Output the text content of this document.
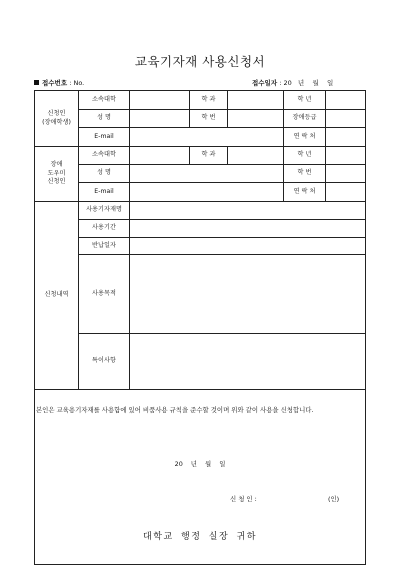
교육기자재 사용신청서
접수번호 : No.	접수일자 : 20   년    월    일
신청인
(장애학생)	소속대학		학 과		학 년	
	성 명		학 번		장애등급	
	E-mail				연 락 처	
장애
도우미
신청인	소속대학		학 과		학 년	
	성 명				학 번	
	E-mail				연 락 처	
신청내역	사용기자재명					
	사용기간					
	반납일자					
	사용목적					
	특이사항					

본인은 교육용기자재를 사용함에 있어 비품사용 규칙을 준수할 것이며 위와 같이 사용을 신청합니다.
20 년 월 일
신 청 인 :	(인)
대학교 행정 실장 귀하
